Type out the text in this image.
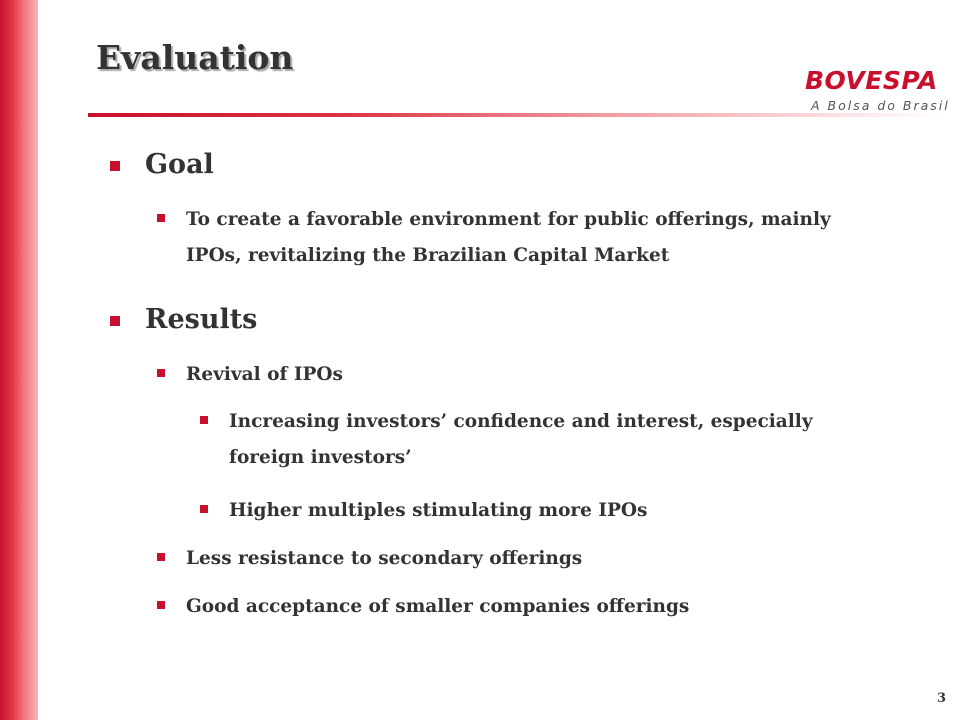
Evaluation
BOVESPA
A Bolsa do Brasil
Goal
To create a favorable environment for public offerings, mainly IPOs, revitalizing the Brazilian Capital Market
Results
Revival of IPOs
Increasing investors’ confidence and interest, especially foreign investors’
Higher multiples stimulating more IPOs
Less resistance to secondary offerings
Good acceptance of smaller companies offerings
3
